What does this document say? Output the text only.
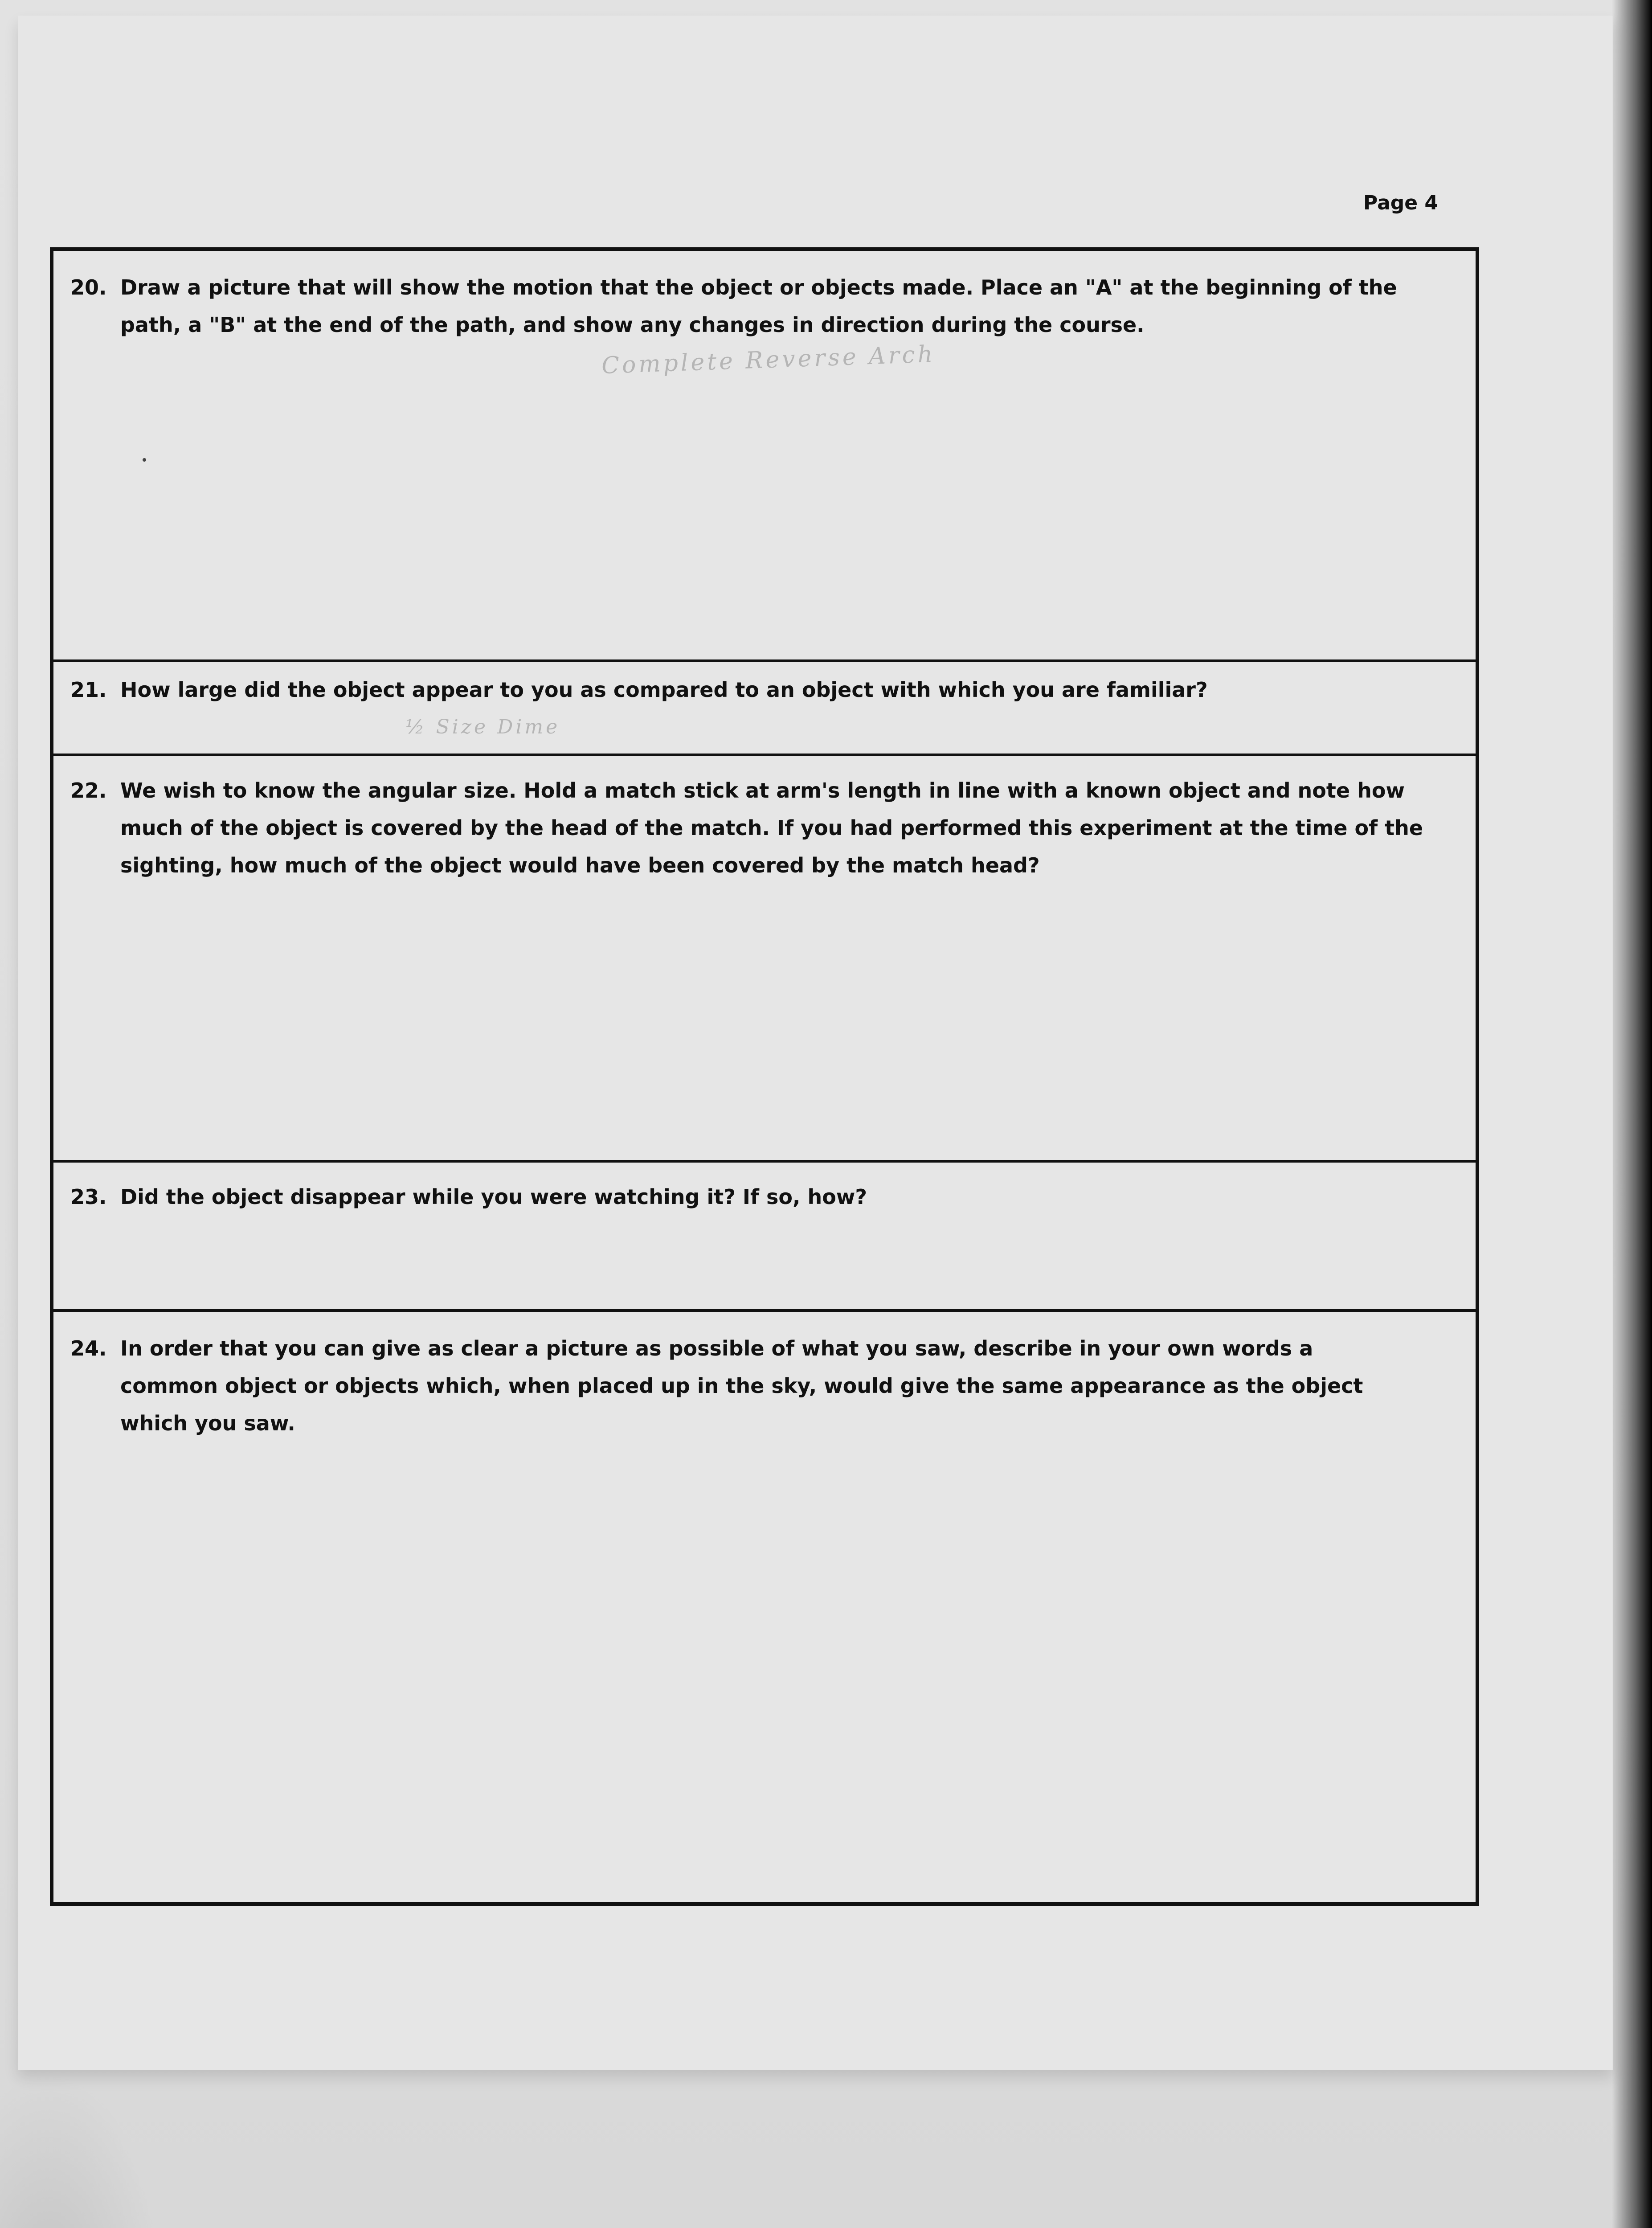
Page 4
20. Draw a picture that will show the motion that the object or objects made. Place an "A" at the beginning of the path, a "B" at the end of the path, and show any changes in direction during the course.
Complete Reverse Arch
21. How large did the object appear to you as compared to an object with which you are familiar?
½ Size Dime
22. We wish to know the angular size. Hold a match stick at arm's length in line with a known object and note how much of the object is covered by the head of the match. If you had performed this experiment at the time of the sighting, how much of the object would have been covered by the match head?
23. Did the object disappear while you were watching it? If so, how?
24. In order that you can give as clear a picture as possible of what you saw, describe in your own words a common object or objects which, when placed up in the sky, would give the same appearance as the object which you saw.
